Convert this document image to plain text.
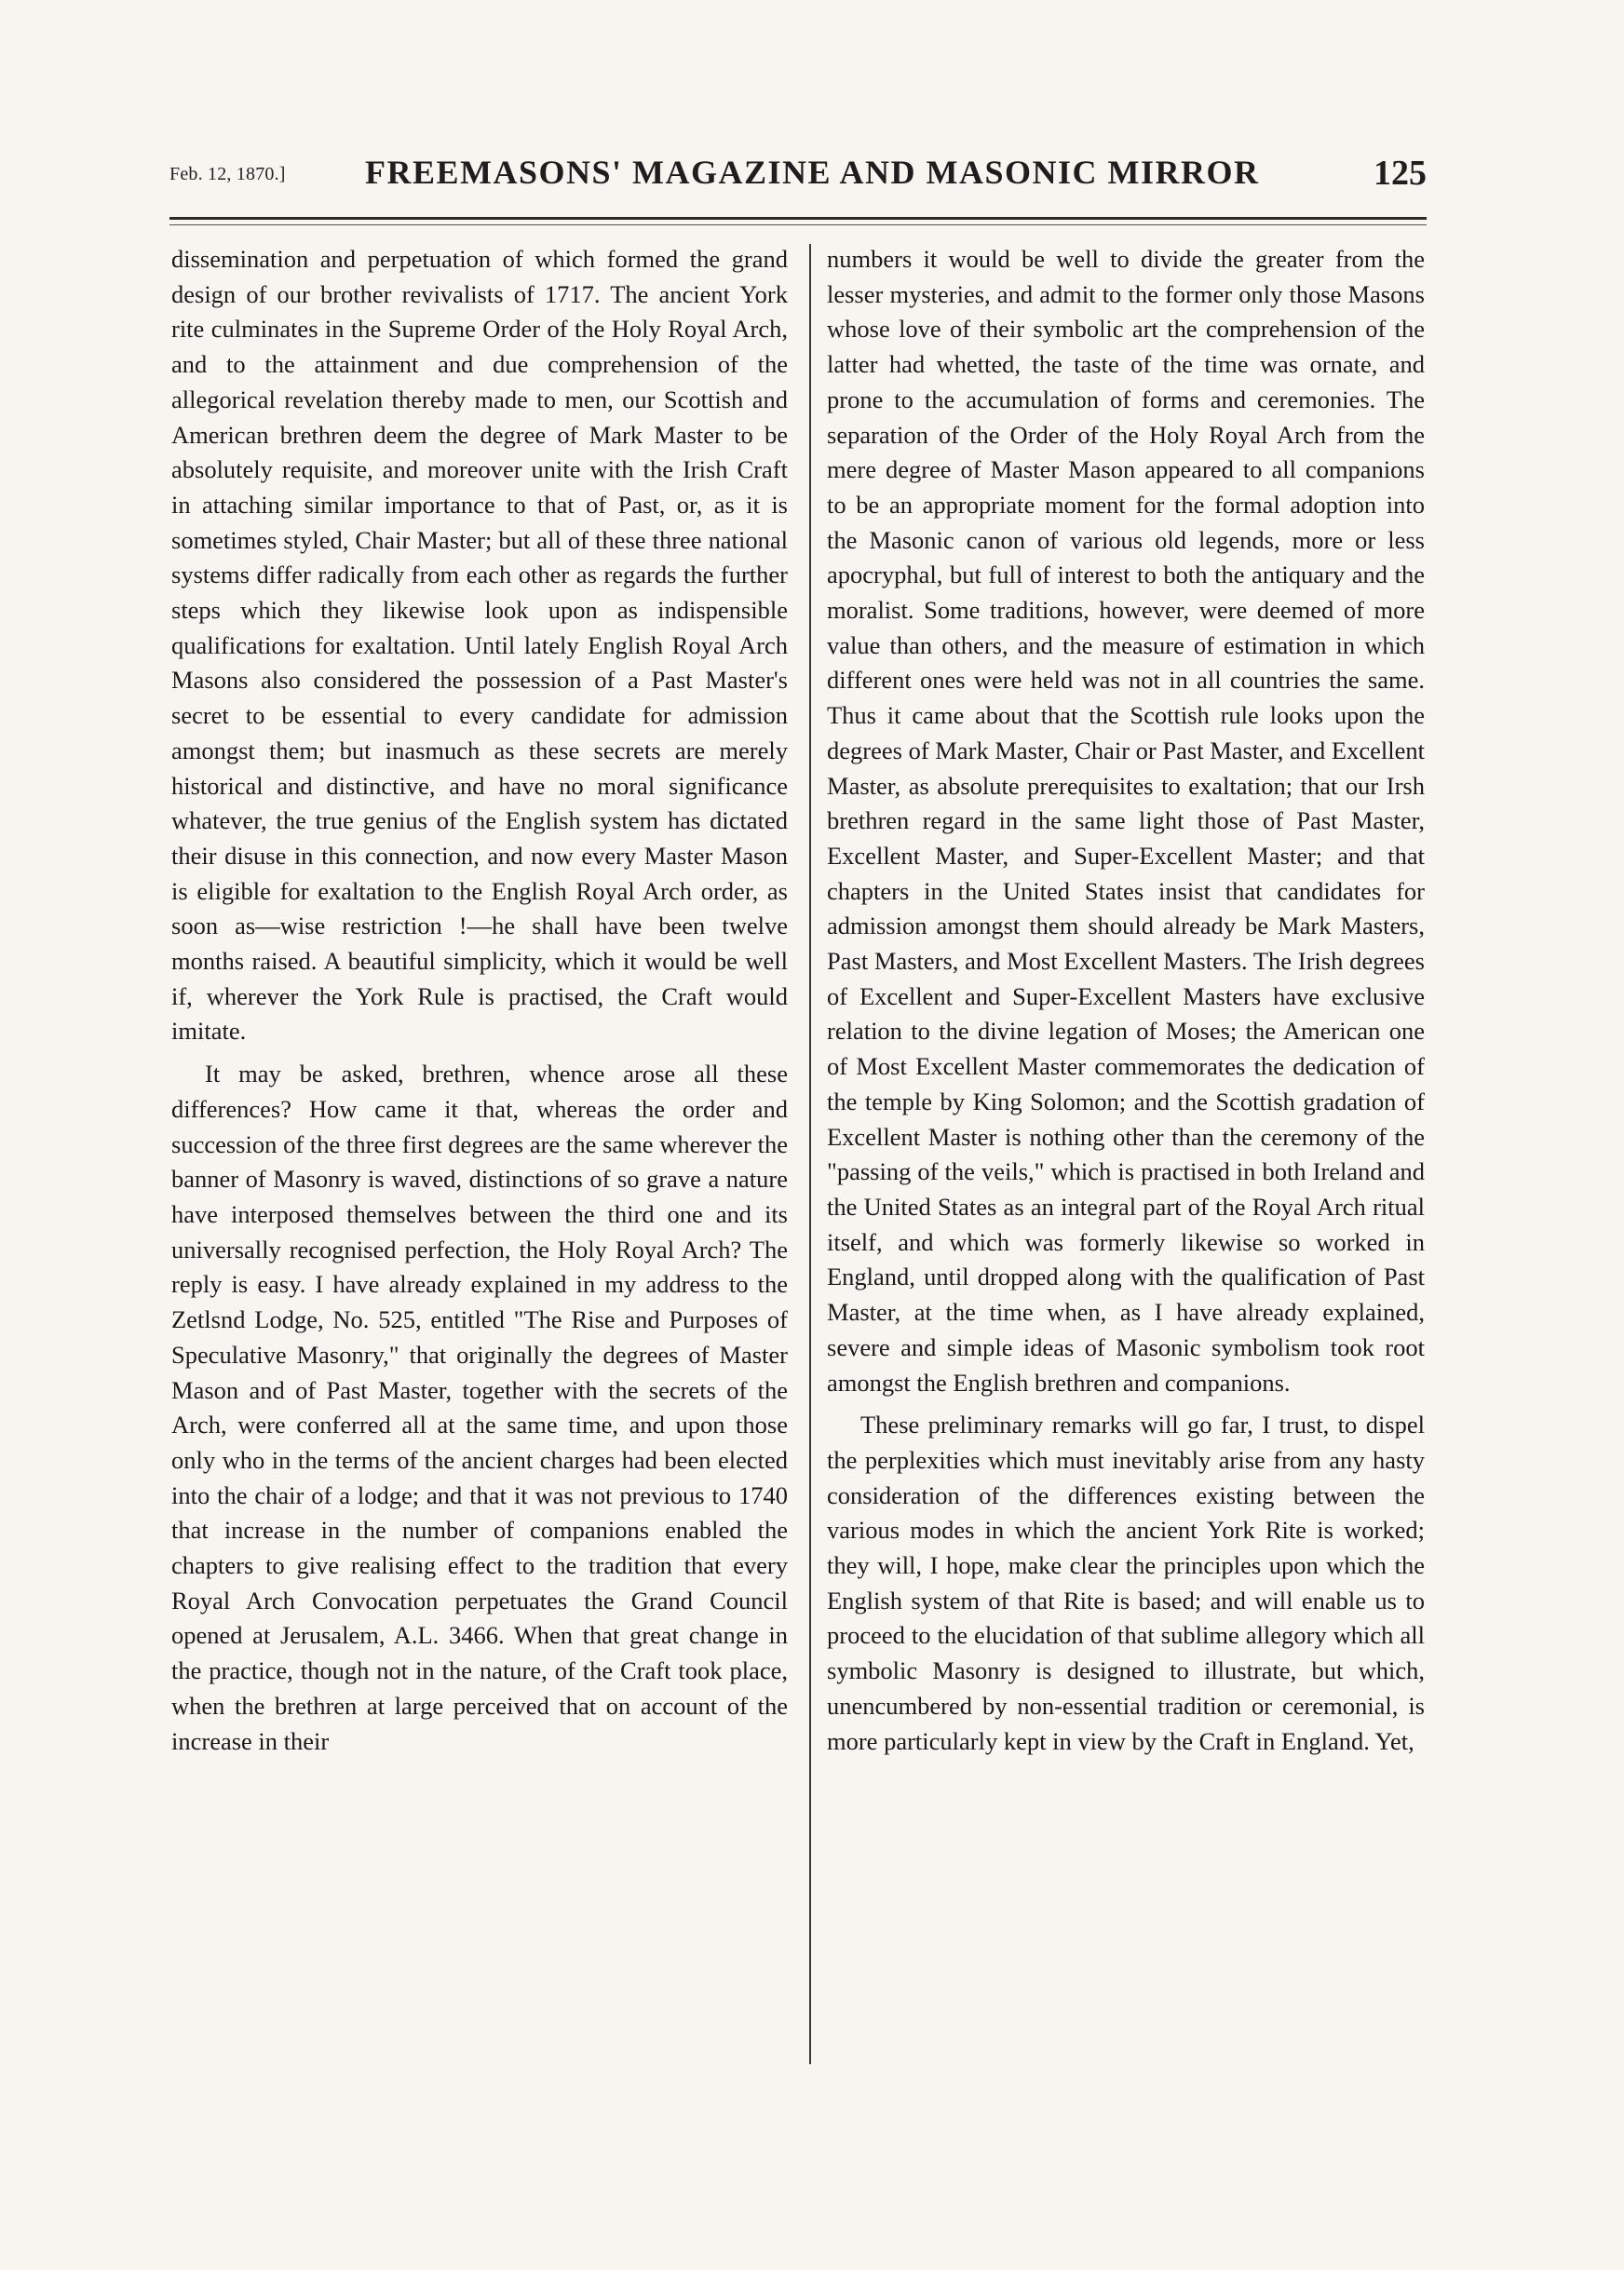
Feb. 12, 1870.] FREEMASONS' MAGAZINE AND MASONIC MIRROR	125

dissemination and perpetuation of which formed the grand design of our brother revivalists of 1717. The ancient York rite culminates in the Supreme Order of the Holy Royal Arch, and to the attainment and due comprehension of the allegorical revelation thereby made to men, our Scottish and American brethren deem the degree of Mark Master to be absolutely requisite, and moreover unite with the Irish Craft in attaching similar importance to that of Past, or, as it is sometimes styled, Chair Master; but all of these three national systems differ radically from each other as regards the further steps which they likewise look upon as indispensible qualifications for exaltation. Until lately English Royal Arch Masons also considered the possession of a Past Master's secret to be essential to every candidate for admission amongst them; but inasmuch as these secrets are merely historical and distinctive, and have no moral significance whatever, the true genius of the English system has dictated their disuse in this connection, and now every Master Mason is eligible for exaltation to the English Royal Arch order, as soon as—wise restriction !—he shall have been twelve months raised. A beautiful simplicity, which it would be well if, wherever the York Rule is practised, the Craft would imitate.

It may be asked, brethren, whence arose all these differences? How came it that, whereas the order and succession of the three first degrees are the same wherever the banner of Masonry is waved, distinctions of so grave a nature have interposed themselves between the third one and its universally recognised perfection, the Holy Royal Arch? The reply is easy. I have already explained in my address to the Zetlsnd Lodge, No. 525, entitled "The Rise and Purposes of Speculative Masonry," that originally the degrees of Master Mason and of Past Master, together with the secrets of the Arch, were conferred all at the same time, and upon those only who in the terms of the ancient charges had been elected into the chair of a lodge; and that it was not previous to 1740 that increase in the number of companions enabled the chapters to give realising effect to the tradition that every Royal Arch Convocation perpetuates the Grand Council opened at Jerusalem, A.L. 3466. When that great change in the practice, though not in the nature, of the Craft took place, when the brethren at large perceived that on account of the increase in their

numbers it would be well to divide the greater from the lesser mysteries, and admit to the former only those Masons whose love of their symbolic art the comprehension of the latter had whetted, the taste of the time was ornate, and prone to the accumulation of forms and ceremonies. The separation of the Order of the Holy Royal Arch from the mere degree of Master Mason appeared to all companions to be an appropriate moment for the formal adoption into the Masonic canon of various old legends, more or less apocryphal, but full of interest to both the antiquary and the moralist. Some traditions, however, were deemed of more value than others, and the measure of estimation in which different ones were held was not in all countries the same. Thus it came about that the Scottish rule looks upon the degrees of Mark Master, Chair or Past Master, and Excellent Master, as absolute prerequisites to exaltation; that our Irsh brethren regard in the same light those of Past Master, Excellent Master, and Super-Excellent Master; and that chapters in the United States insist that candidates for admission amongst them should already be Mark Masters, Past Masters, and Most Excellent Masters. The Irish degrees of Excellent and Super-Excellent Masters have exclusive relation to the divine legation of Moses; the American one of Most Excellent Master commemorates the dedication of the temple by King Solomon; and the Scottish gradation of Excellent Master is nothing other than the ceremony of the "passing of the veils," which is practised in both Ireland and the United States as an integral part of the Royal Arch ritual itself, and which was formerly likewise so worked in England, until dropped along with the qualification of Past Master, at the time when, as I have already explained, severe and simple ideas of Masonic symbolism took root amongst the English brethren and companions.

These preliminary remarks will go far, I trust, to dispel the perplexities which must inevitably arise from any hasty consideration of the differences existing between the various modes in which the ancient York Rite is worked; they will, I hope, make clear the principles upon which the English system of that Rite is based; and will enable us to proceed to the elucidation of that sublime allegory which all symbolic Masonry is designed to illustrate, but which, unencumbered by non-essential tradition or ceremonial, is more particularly kept in view by the Craft in England. Yet,
